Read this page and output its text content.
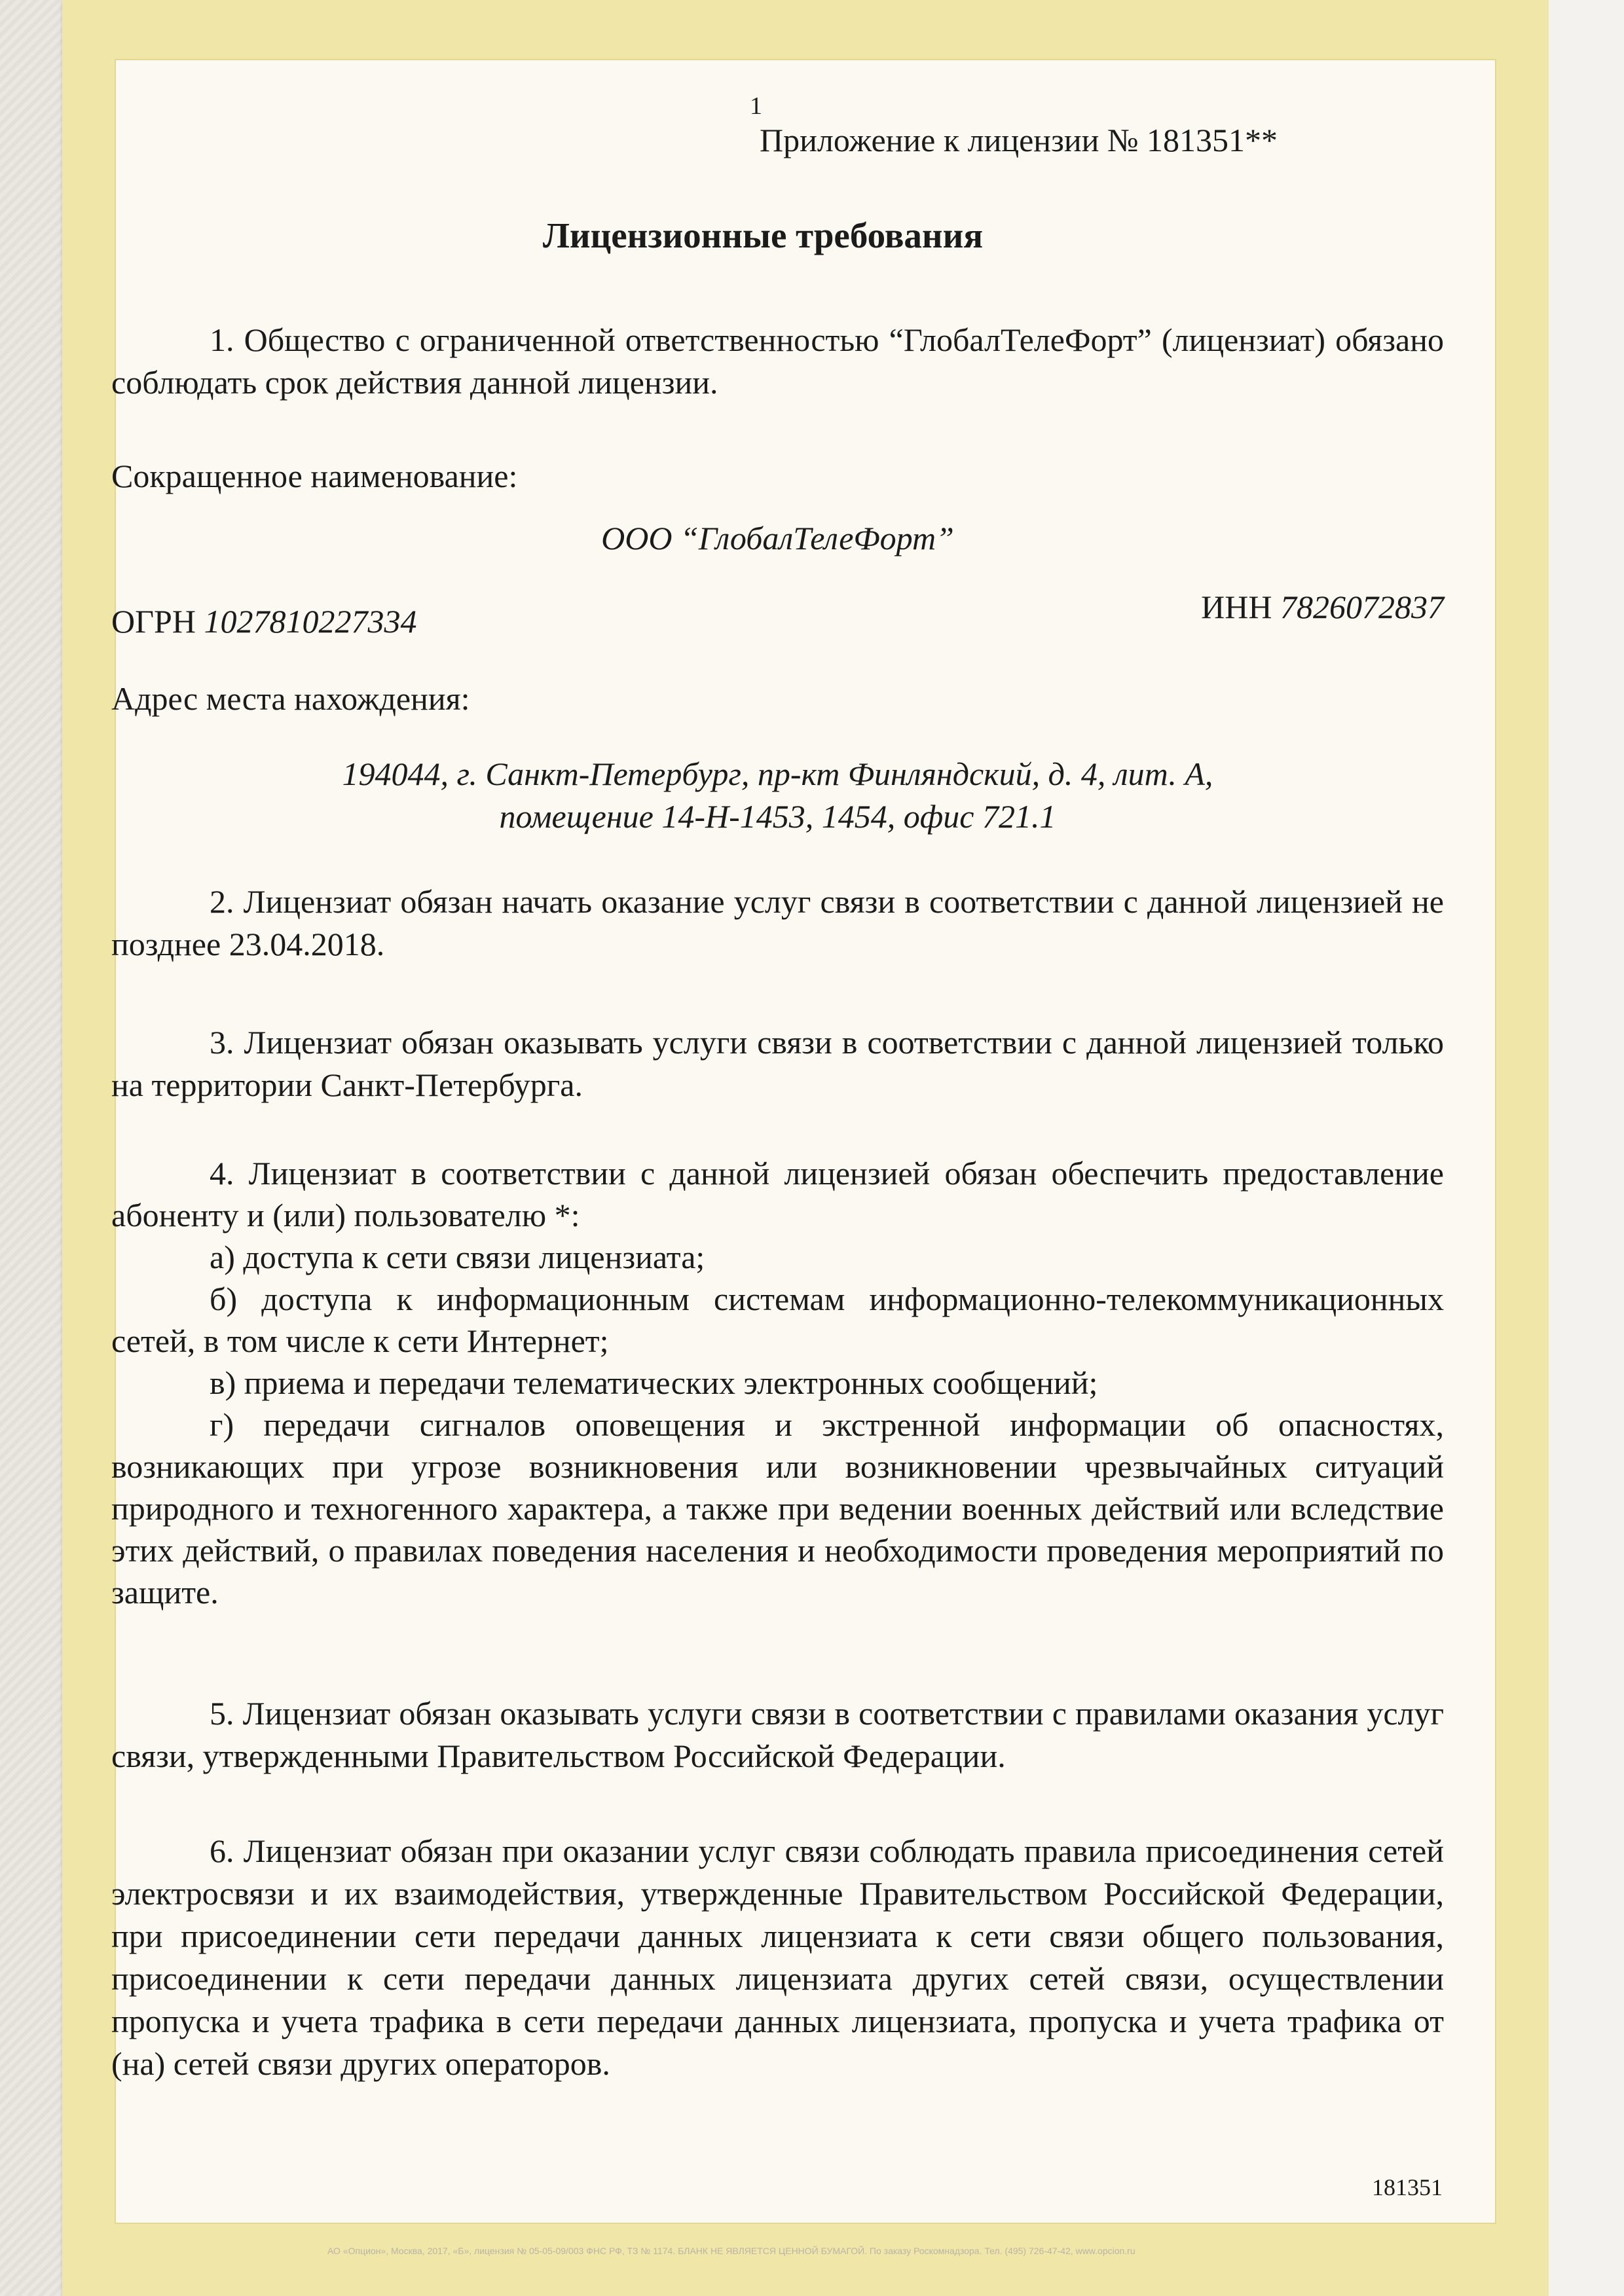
1
Приложение к лицензии № 181351**
Лицензионные требования
1. Общество с ограниченной ответственностью “ГлобалТелеФорт” (лицензиат) обязано соблюдать срок действия данной лицензии.
Сокращенное наименование:
ООО “ГлобалТелеФорт”
ОГРН 1027810227334	ИНН 7826072837
Адрес места нахождения:
194044, г. Санкт-Петербург, пр-кт Финляндский, д. 4, лит. А,
помещение 14-Н-1453, 1454, офис 721.1
2. Лицензиат обязан начать оказание услуг связи в соответствии с данной лицензией не позднее 23.04.2018.
3. Лицензиат обязан оказывать услуги связи в соответствии с данной лицензией только на территории Санкт-Петербурга.
4. Лицензиат в соответствии с данной лицензией обязан обеспечить предоставление абоненту и (или) пользователю *:
а) доступа к сети связи лицензиата;
б) доступа к информационным системам информационно-телекоммуникационных сетей, в том числе к сети Интернет;
в) приема и передачи телематических электронных сообщений;
г) передачи сигналов оповещения и экстренной информации об опасностях, возникающих при угрозе возникновения или возникновении чрезвычайных ситуаций природного и техногенного характера, а также при ведении военных действий или вследствие этих действий, о правилах поведения населения и необходимости проведения мероприятий по защите.
5. Лицензиат обязан оказывать услуги связи в соответствии с правилами оказания услуг связи, утвержденными Правительством Российской Федерации.
6. Лицензиат обязан при оказании услуг связи соблюдать правила присоединения сетей электросвязи и их взаимодействия, утвержденные Правительством Российской Федерации, при присоединении сети передачи данных лицензиата к сети связи общего пользования, присоединении к сети передачи данных лицензиата других сетей связи, осуществлении пропуска и учета трафика в сети передачи данных лицензиата, пропуска и учета трафика от (на) сетей связи других операторов.
181351
АО «Опцион», Москва, 2017, «Б», лицензия № 05-05-09/003 ФНС РФ, ТЗ № 1174. БЛАНК НЕ ЯВЛЯЕТСЯ ЦЕННОЙ БУМАГОЙ. По заказу Роскомнадзора. Тел. (495) 726-47-42, www.opcion.ru
